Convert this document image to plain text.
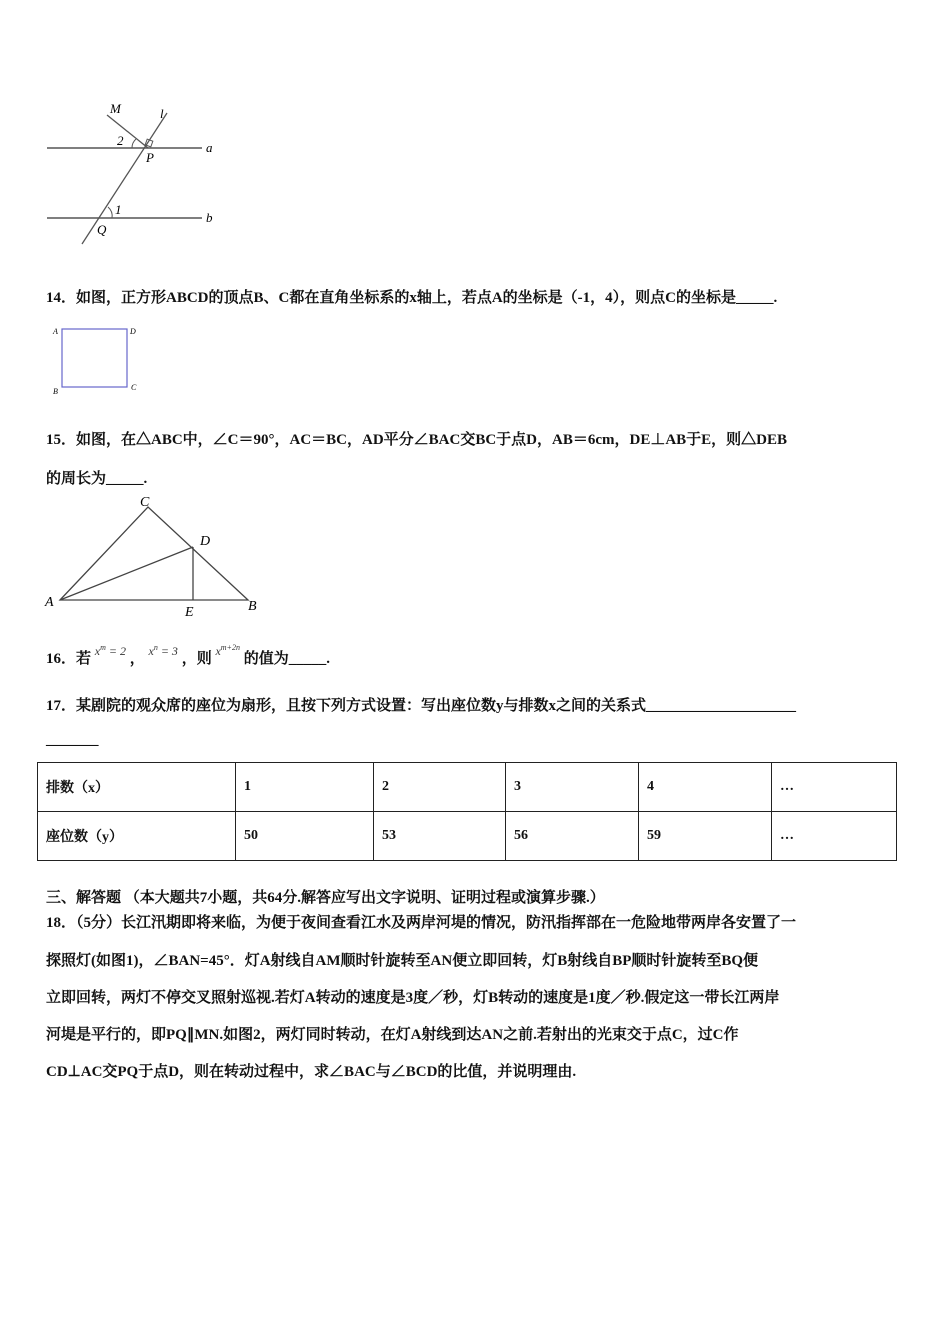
M	l
a
b
P
Q
1
2
14．如图，正方形ABCD的顶点B、C都在直角坐标系的x轴上，若点A的坐标是（-1，4），则点C的坐标是_____.
A	D
B	C
15．如图，在△ABC中，∠C＝90°，AC＝BC，AD平分∠BAC交BC于点D，AB＝6cm，DE⊥AB于E，则△DEB
的周长为_____.
C
D
A
E	B
16．若 $^{x^m = 2}$ ， $^{x^n = 3}$ ，则 $^{x^{m+2n}}$ 的值为_____.
17．某剧院的观众席的座位为扇形，且按下列方式设置：写出座位数y与排数x之间的关系式____________________
_______
排数（x）	1	2	3	4	…
座位数（y）	50	53	56	59	…
三、解答题 （本大题共7小题，共64分.解答应写出文字说明、证明过程或演算步骤.）
18．（5分）长江汛期即将来临，为便于夜间查看江水及两岸河堤的情况，防汛指挥部在一危险地带两岸各安置了一
探照灯(如图1)，∠BAN=45°．灯A射线自AM顺时针旋转至AN便立即回转，灯B射线自BP顺时针旋转至BQ便
立即回转，两灯不停交叉照射巡视.若灯A转动的速度是3度／秒，灯B转动的速度是1度／秒.假定这一带长江两岸
河堤是平行的，即PQ∥MN.如图2，两灯同时转动，在灯A射线到达AN之前.若射出的光束交于点C，过C作
CD⊥AC交PQ于点D，则在转动过程中，求∠BAC与∠BCD的比值，并说明理由.
